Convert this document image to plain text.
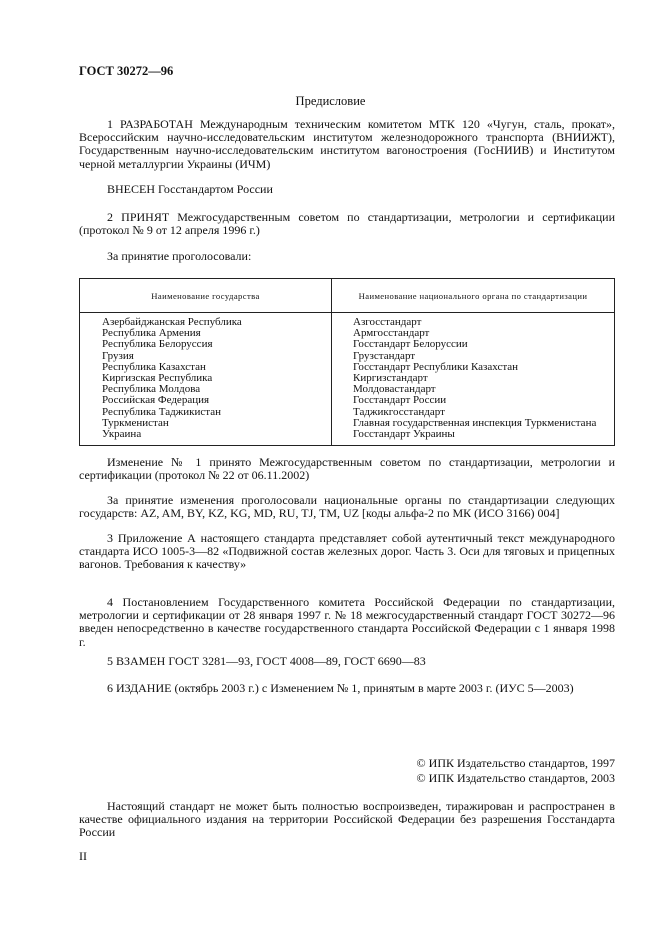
ГОСТ 30272—96
Предисловие

1 РАЗРАБОТАН Международным техническим комитетом МТК 120 «Чугун, сталь, прокат», Всероссийским научно-исследовательским институтом железнодорожного транспорта (ВНИИЖТ), Государственным научно-исследовательским институтом вагоностроения (ГосНИИВ) и Институтом черной металлургии Украины (ИЧМ)

ВНЕСЕН Госстандартом России

2 ПРИНЯТ Межгосударственным советом по стандартизации, метрологии и сертификации (протокол № 9 от 12 апреля 1996 г.)

За принятие проголосовали:

Наименование государства	Наименование национального органа по стандартизации
Азербайджанская Республика
Республика Армения
Республика Белоруссия
Грузия
Республика Казахстан
Киргизская Республика
Республика Молдова
Российская Федерация
Республика Таджикистан
Туркменистан
Украина
Азгосстандарт
Армгосстандарт
Госстандарт Белоруссии
Грузстандарт
Госстандарт Республики Казахстан
Киргизстандарт
Молдовастандарт
Госстандарт России
Таджикгосстандарт
Главная государственная инспекция Туркменистана
Госстандарт Украины

Изменение № 1 принято Межгосударственным советом по стандартизации, метрологии и сертификации (протокол № 22 от 06.11.2002)

За принятие изменения проголосовали национальные органы по стандартизации следующих государств: AZ, AM, BY, KZ, KG, MD, RU, TJ, TM, UZ [коды альфа-2 по МК (ИСО 3166) 004]

3 Приложение А настоящего стандарта представляет собой аутентичный текст международного стандарта ИСО 1005-3—82 «Подвижной состав железных дорог. Часть 3. Оси для тяговых и прицепных вагонов. Требования к качеству»

4 Постановлением Государственного комитета Российской Федерации по стандартизации, метрологии и сертификации от 28 января 1997 г. № 18 межгосударственный стандарт ГОСТ 30272—96 введен непосредственно в качестве государственного стандарта Российской Федерации с 1 января 1998 г.

5 ВЗАМЕН ГОСТ 3281—93, ГОСТ 4008—89, ГОСТ 6690—83

6 ИЗДАНИЕ (октябрь 2003 г.) с Изменением № 1, принятым в марте 2003 г. (ИУС 5—2003)

© ИПК Издательство стандартов, 1997
© ИПК Издательство стандартов, 2003

Настоящий стандарт не может быть полностью воспроизведен, тиражирован и распространен в качестве официального издания на территории Российской Федерации без разрешения Госстандарта России

II
